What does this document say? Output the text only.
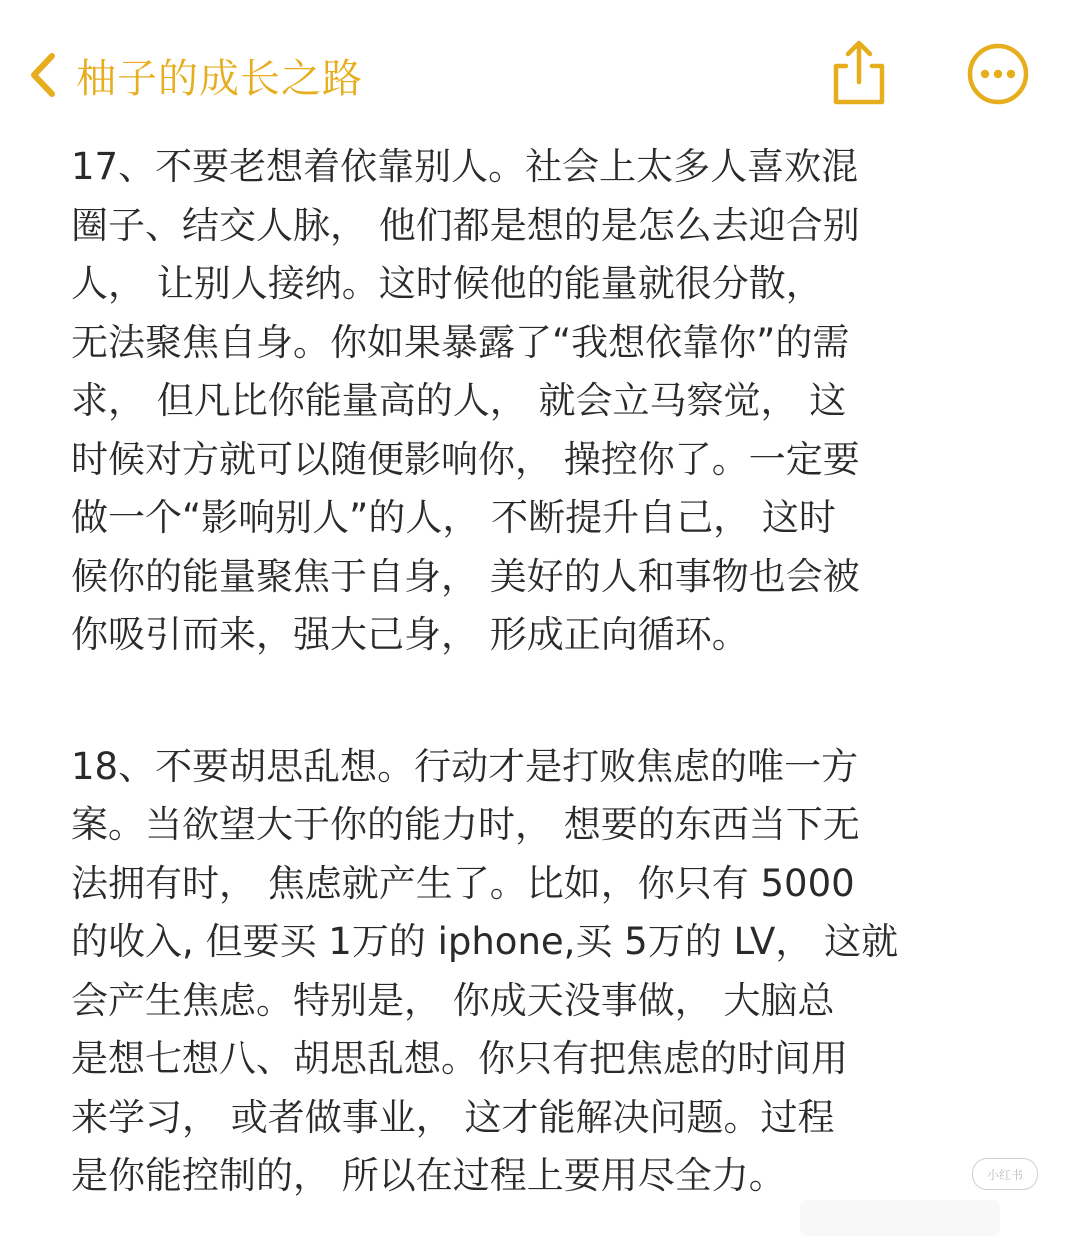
柚子的成长之路

17、不要老想着依靠别人。社会上太多人喜欢混
圈子、结交人脉， 他们都是想的是怎么去迎合别
人， 让别人接纳。这时候他的能量就很分散，
无法聚焦自身。你如果暴露了“我想依靠你”的需
求， 但凡比你能量高的人， 就会立马察觉， 这
时候对方就可以随便影响你， 操控你了。一定要
做一个“影响别人”的人， 不断提升自己， 这时
候你的能量聚焦于自身， 美好的人和事物也会被
你吸引而来，强大己身， 形成正向循环。

18、不要胡思乱想。行动才是打败焦虑的唯一方
案。当欲望大于你的能力时， 想要的东西当下无
法拥有时， 焦虑就产生了。比如，你只有 5000
的收入, 但要买 1万的 iphone,买 5万的 LV， 这就
会产生焦虑。特别是， 你成天没事做， 大脑总
是想七想八、胡思乱想。你只有把焦虑的时间用
来学习， 或者做事业， 这才能解决问题。过程
是你能控制的， 所以在过程上要用尽全力。	小红书
